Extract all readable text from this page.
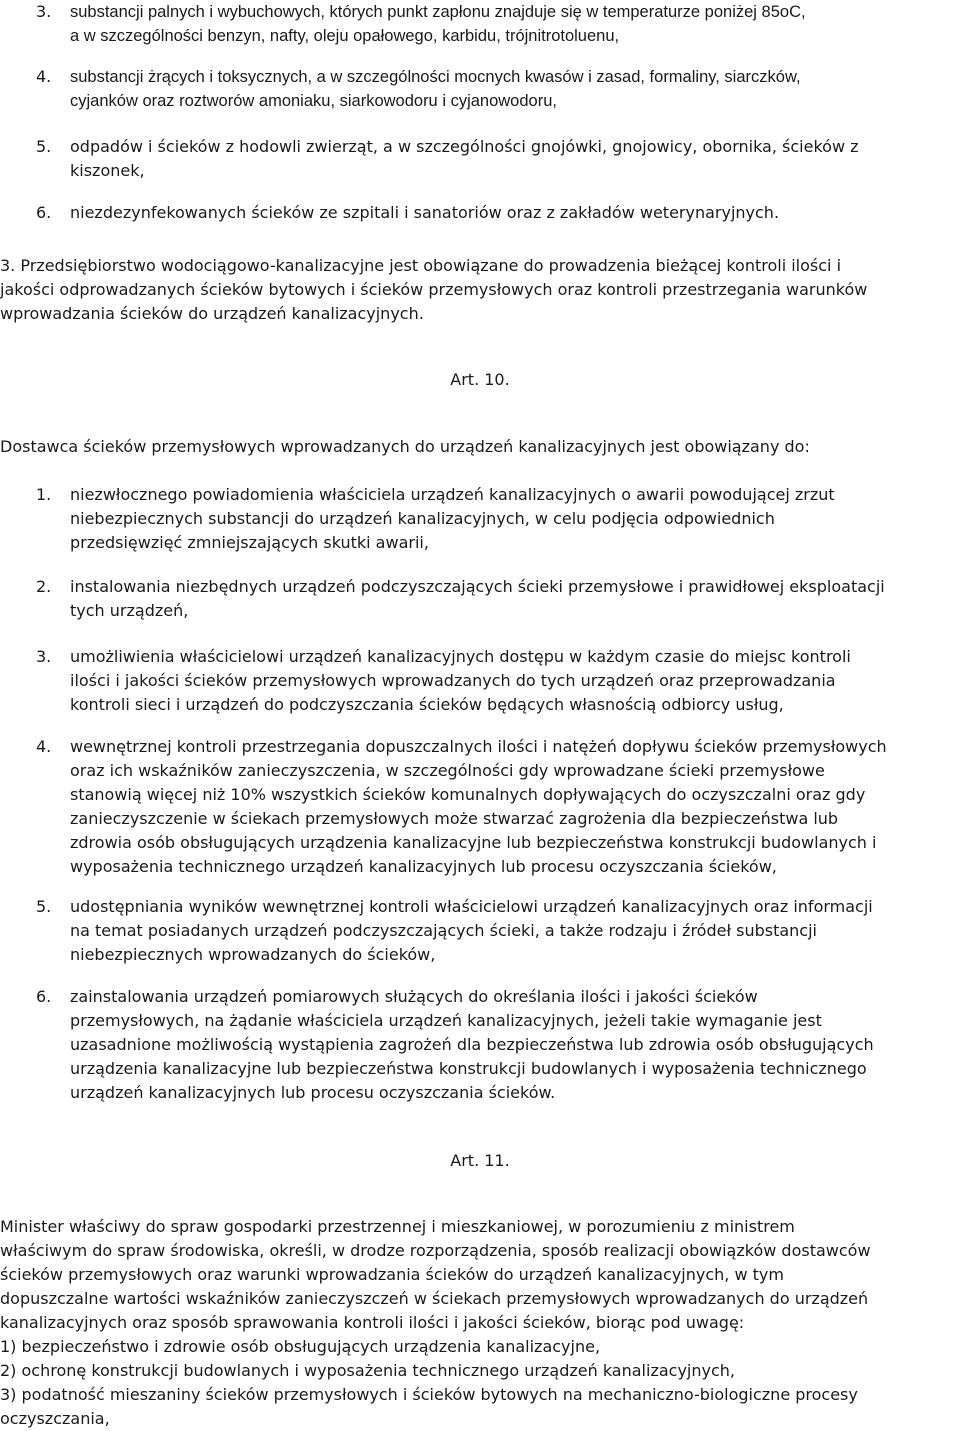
3. substancji palnych i wybuchowych, których punkt zapłonu znajduje się w temperaturze poniżej 85oC,
a w szczególności benzyn, nafty, oleju opałowego, karbidu, trójnitrotoluenu,
4. substancji żrących i toksycznych, a w szczególności mocnych kwasów i zasad, formaliny, siarczków,
cyjanków oraz roztworów amoniaku, siarkowodoru i cyjanowodoru,
5. odpadów i ścieków z hodowli zwierząt, a w szczególności gnojówki, gnojowicy, obornika, ścieków z
kiszonek,
6. niezdezynfekowanych ścieków ze szpitali i sanatoriów oraz z zakładów weterynaryjnych.
3. Przedsiębiorstwo wodociągowo-kanalizacyjne jest obowiązane do prowadzenia bieżącej kontroli ilości i
jakości odprowadzanych ścieków bytowych i ścieków przemysłowych oraz kontroli przestrzegania warunków
wprowadzania ścieków do urządzeń kanalizacyjnych.
Art. 10.
Dostawca ścieków przemysłowych wprowadzanych do urządzeń kanalizacyjnych jest obowiązany do:
1. niezwłocznego powiadomienia właściciela urządzeń kanalizacyjnych o awarii powodującej zrzut
niebezpiecznych substancji do urządzeń kanalizacyjnych, w celu podjęcia odpowiednich
przedsięwzięć zmniejszających skutki awarii,
2. instalowania niezbędnych urządzeń podczyszczających ścieki przemysłowe i prawidłowej eksploatacji
tych urządzeń,
3. umożliwienia właścicielowi urządzeń kanalizacyjnych dostępu w każdym czasie do miejsc kontroli
ilości i jakości ścieków przemysłowych wprowadzanych do tych urządzeń oraz przeprowadzania
kontroli sieci i urządzeń do podczyszczania ścieków będących własnością odbiorcy usług,
4. wewnętrznej kontroli przestrzegania dopuszczalnych ilości i natężeń dopływu ścieków przemysłowych
oraz ich wskaźników zanieczyszczenia, w szczególności gdy wprowadzane ścieki przemysłowe
stanowią więcej niż 10% wszystkich ścieków komunalnych dopływających do oczyszczalni oraz gdy
zanieczyszczenie w ściekach przemysłowych może stwarzać zagrożenia dla bezpieczeństwa lub
zdrowia osób obsługujących urządzenia kanalizacyjne lub bezpieczeństwa konstrukcji budowlanych i
wyposażenia technicznego urządzeń kanalizacyjnych lub procesu oczyszczania ścieków,
5. udostępniania wyników wewnętrznej kontroli właścicielowi urządzeń kanalizacyjnych oraz informacji
na temat posiadanych urządzeń podczyszczających ścieki, a także rodzaju i źródeł substancji
niebezpiecznych wprowadzanych do ścieków,
6. zainstalowania urządzeń pomiarowych służących do określania ilości i jakości ścieków
przemysłowych, na żądanie właściciela urządzeń kanalizacyjnych, jeżeli takie wymaganie jest
uzasadnione możliwością wystąpienia zagrożeń dla bezpieczeństwa lub zdrowia osób obsługujących
urządzenia kanalizacyjne lub bezpieczeństwa konstrukcji budowlanych i wyposażenia technicznego
urządzeń kanalizacyjnych lub procesu oczyszczania ścieków.
Art. 11.
Minister właściwy do spraw gospodarki przestrzennej i mieszkaniowej, w porozumieniu z ministrem
właściwym do spraw środowiska, określi, w drodze rozporządzenia, sposób realizacji obowiązków dostawców
ścieków przemysłowych oraz warunki wprowadzania ścieków do urządzeń kanalizacyjnych, w tym
dopuszczalne wartości wskaźników zanieczyszczeń w ściekach przemysłowych wprowadzanych do urządzeń
kanalizacyjnych oraz sposób sprawowania kontroli ilości i jakości ścieków, biorąc pod uwagę:
1) bezpieczeństwo i zdrowie osób obsługujących urządzenia kanalizacyjne,
2) ochronę konstrukcji budowlanych i wyposażenia technicznego urządzeń kanalizacyjnych,
3) podatność mieszaniny ścieków przemysłowych i ścieków bytowych na mechaniczno-biologiczne procesy
oczyszczania,
